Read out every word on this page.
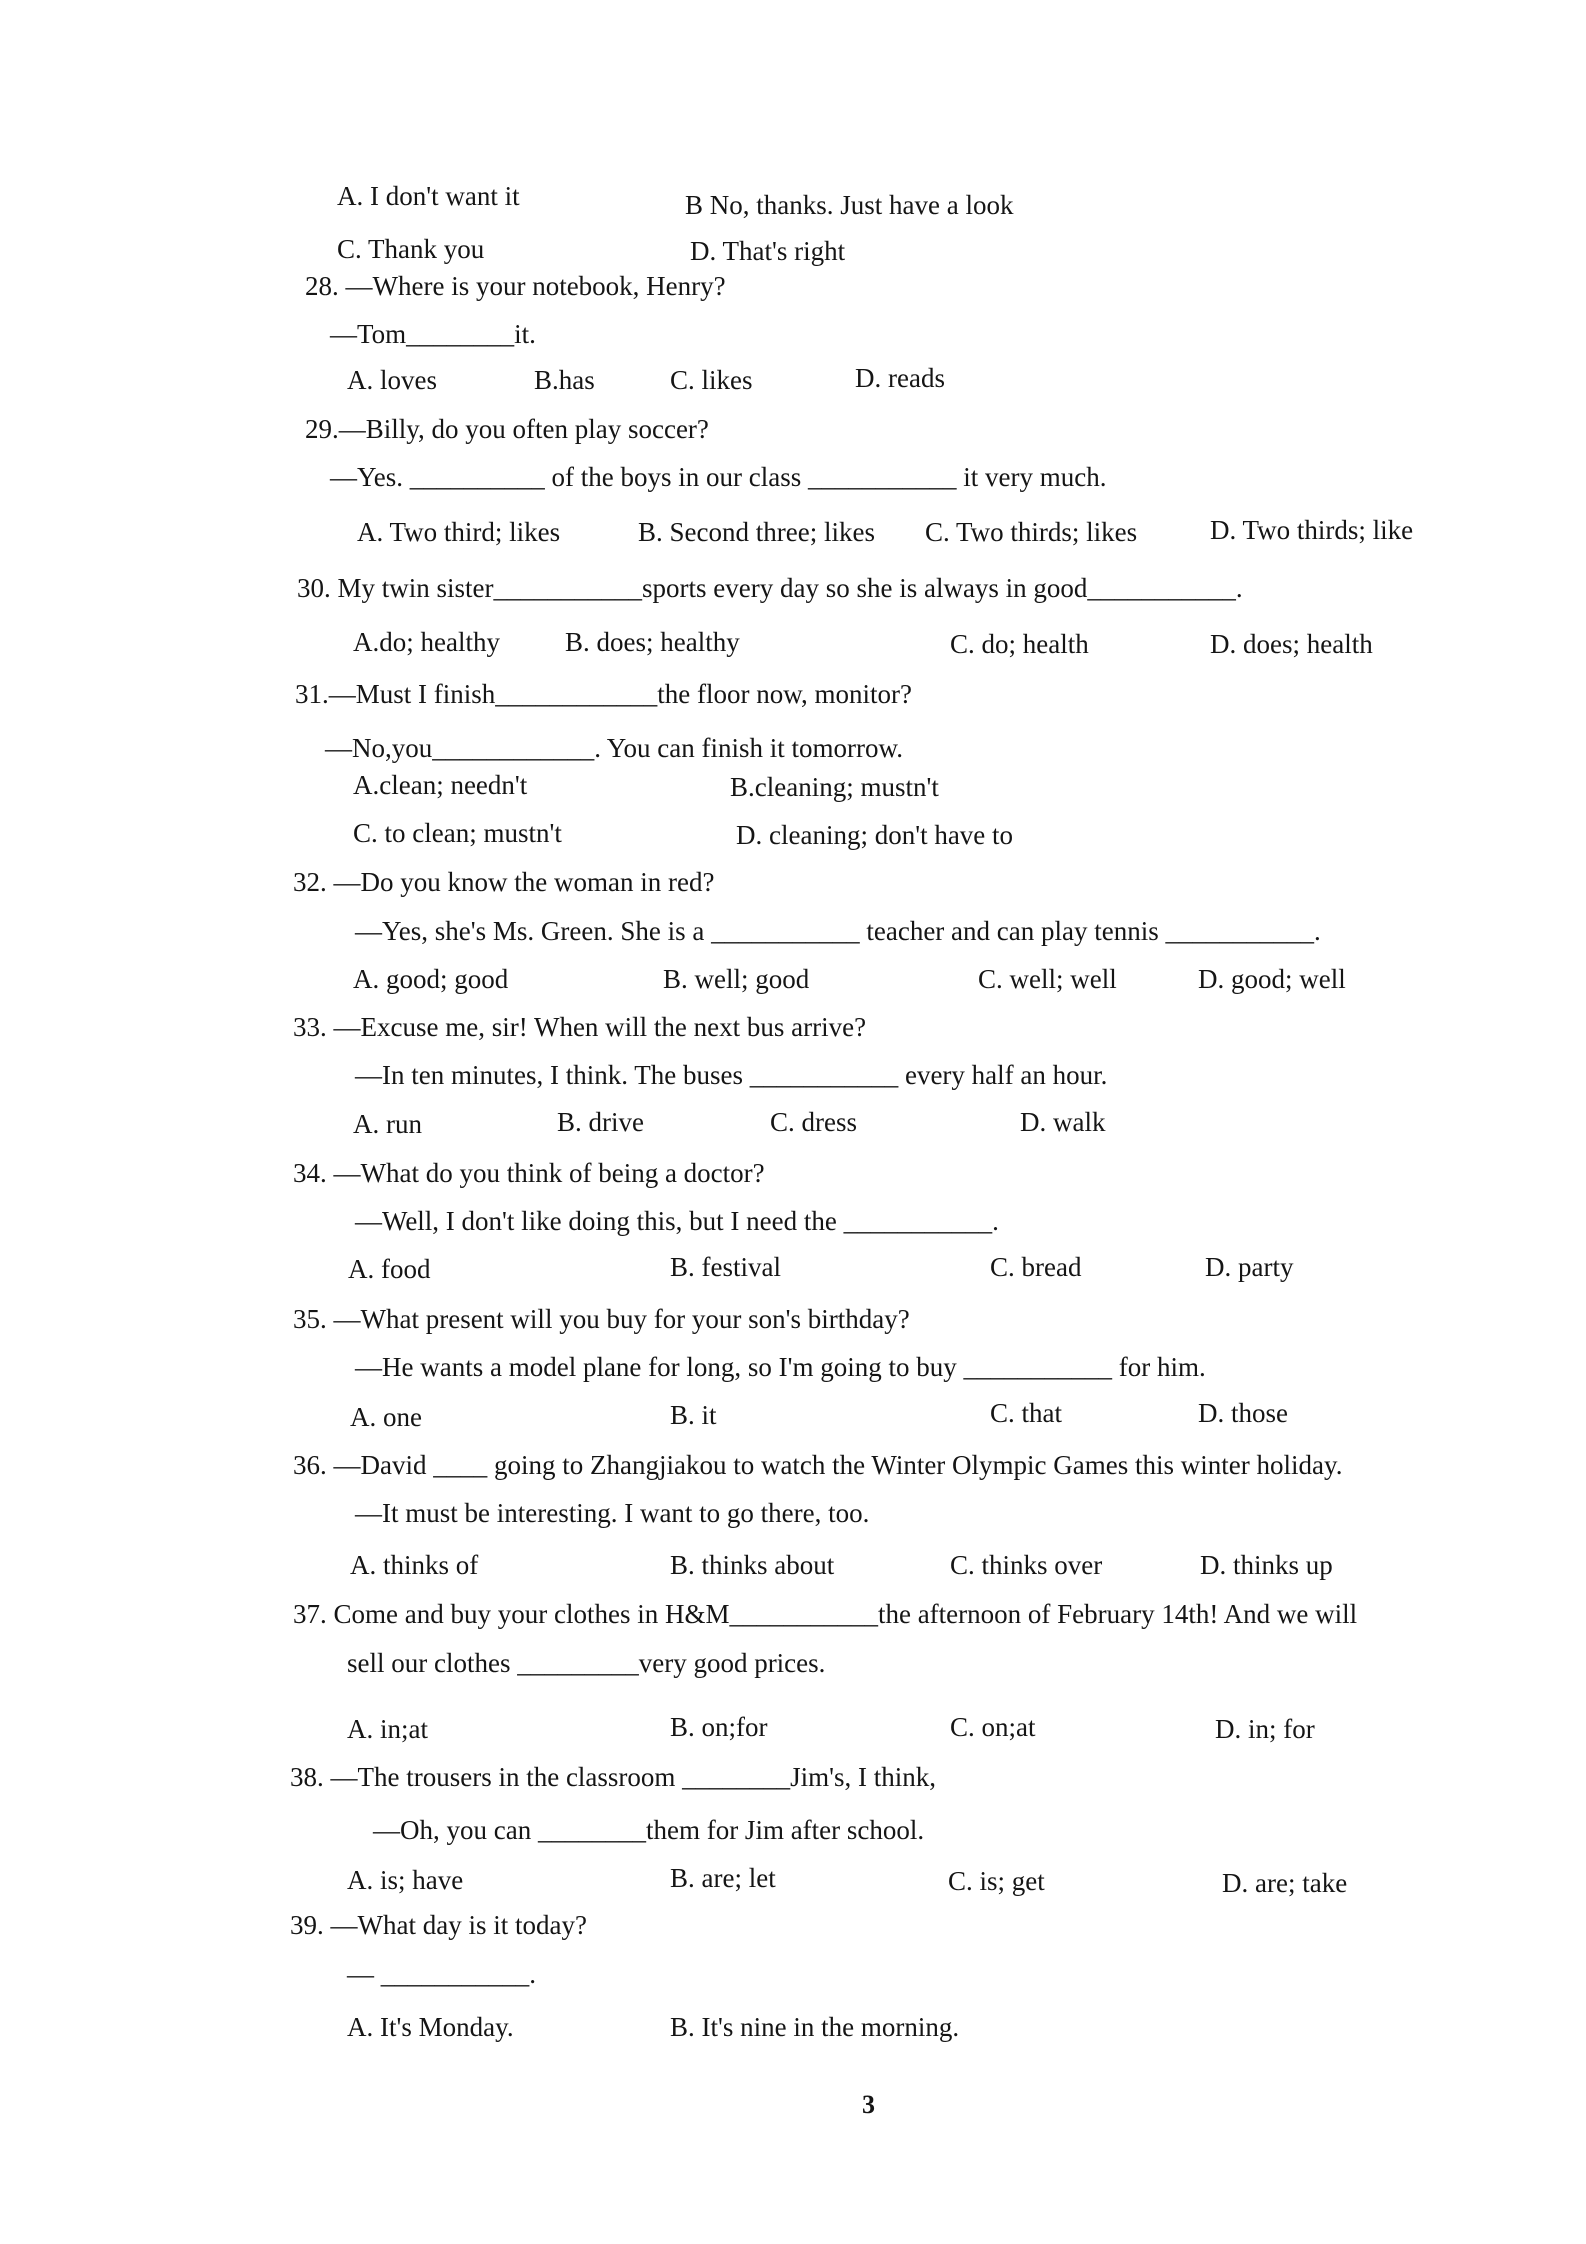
A. I don't want it	B No, thanks. Just have a look
C. Thank you	D. That's right
28. —Where is your notebook, Henry?
—Tom________it.
A. loves	B.has	C. likes	D. reads
29.—Billy, do you often play soccer?
—Yes. __________ of the boys in our class ___________ it very much.
A. Two third; likes	B. Second three; likes C. Two thirds; likes	D. Two thirds; like
30. My twin sister___________sports every day so she is always in good___________.
A.do; healthy B. does; healthy	C. do; health	D. does; health
31.—Must I finish____________the floor now, monitor?
—No,you____________. You can finish it tomorrow.
A.clean; needn't	B.cleaning; mustn't
C. to clean; mustn't	D. cleaning; don't have to
32. —Do you know the woman in red?
—Yes, she's Ms. Green. She is a ___________ teacher and can play tennis ___________.
A. good; good	B. well; good	C. well; well	D. good; well
33. —Excuse me, sir! When will the next bus arrive?
—In ten minutes, I think. The buses ___________ every half an hour.
A. run	B. drive	C. dress	D. walk
34. —What do you think of being a doctor?
—Well, I don't like doing this, but I need the ___________.
A. food	B. festival	C. bread	D. party
35. —What present will you buy for your son's birthday?
—He wants a model plane for long, so I'm going to buy ___________ for him.
A. one	B. it	C. that	D. those
36. —David ____ going to Zhangjiakou to watch the Winter Olympic Games this winter holiday.
—It must be interesting. I want to go there, too.
A. thinks of	B. thinks about	C. thinks over	D. thinks up
37. Come and buy your clothes in H&M___________the afternoon of February 14th! And we will
sell our clothes _________very good prices.
A. in;at	B. on;for	C. on;at	D. in; for
38. —The trousers in the classroom ________Jim's, I think,
—Oh, you can ________them for Jim after school.
A. is; have	B. are; let	C. is; get	D. are; take
39. —What day is it today?
— ___________.
A. It's Monday.	B. It's nine in the morning.
3
